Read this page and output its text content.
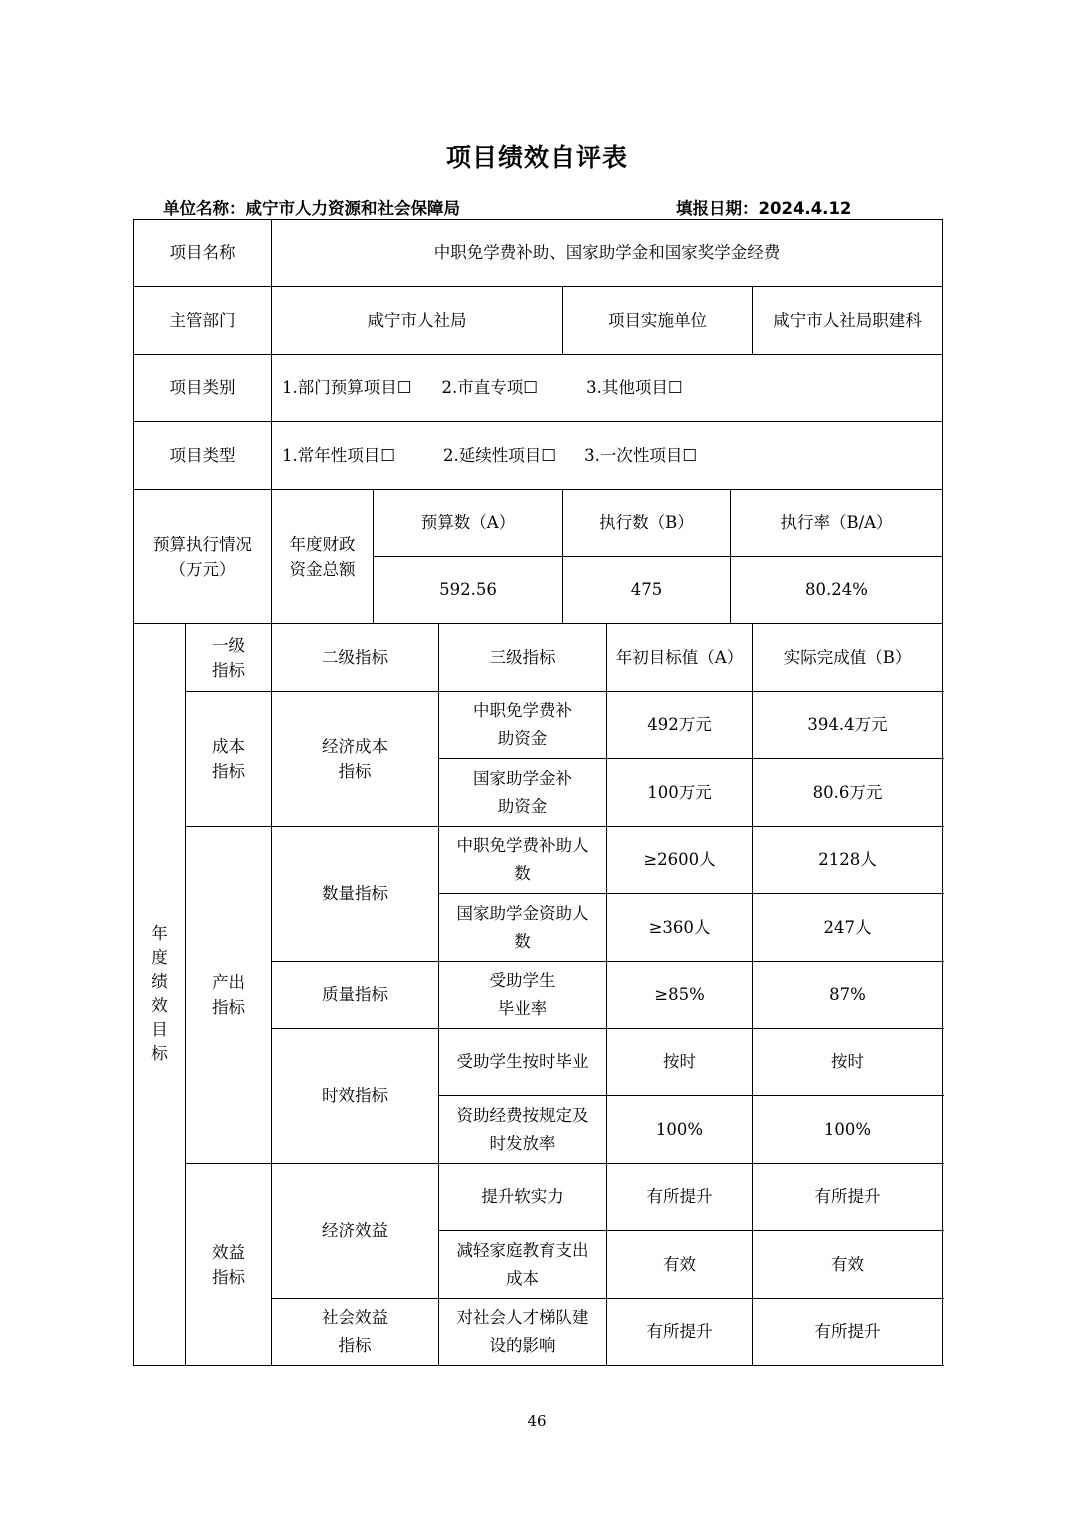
项目绩效自评表
单位名称：咸宁市人力资源和社会保障局	填报日期：2024.4.12
项目名称		中职免学费补助、国家助学金和国家奖学金经费						
主管部门		咸宁市人社局			项目实施单位			咸宁市人社局职建科
项目类别		1.部门预算项目☐ 2.市直专项☐ 3.其他项目☐						
项目类型		1.常年性项目☐ 2.延续性项目☐ 3.一次性项目☐						

预算执行情况（万元）		年度财政资金总额	预算数（A）		执行数（B）		执行率（B/A）	
			592.56		475		80.24%	
年度绩效目标	一级指标	二级指标		三级指标		年初目标值（A）		实际完成值（B）

	成本指标	经济成本指标		中职免学费补助资金		492万元		394.4万元

				国家助学金补助资金		100万元		80.6万元

	产出指标	数量指标		中职免学费补助人数		≥2600人		2128人

				国家助学金资助人数		≥360人		247人
		质量指标		受助学生毕业率		≥85%		87%
		时效指标		受助学生按时毕业		按时		按时

				资助经费按规定及时发放率		100%		100%

	效益指标	经济效益		提升软实力		有所提升		有所提升

				减轻家庭教育支出成本		有效		有效

		社会效益指标		对社会人才梯队建设的影响		有所提升		有所提升
46
